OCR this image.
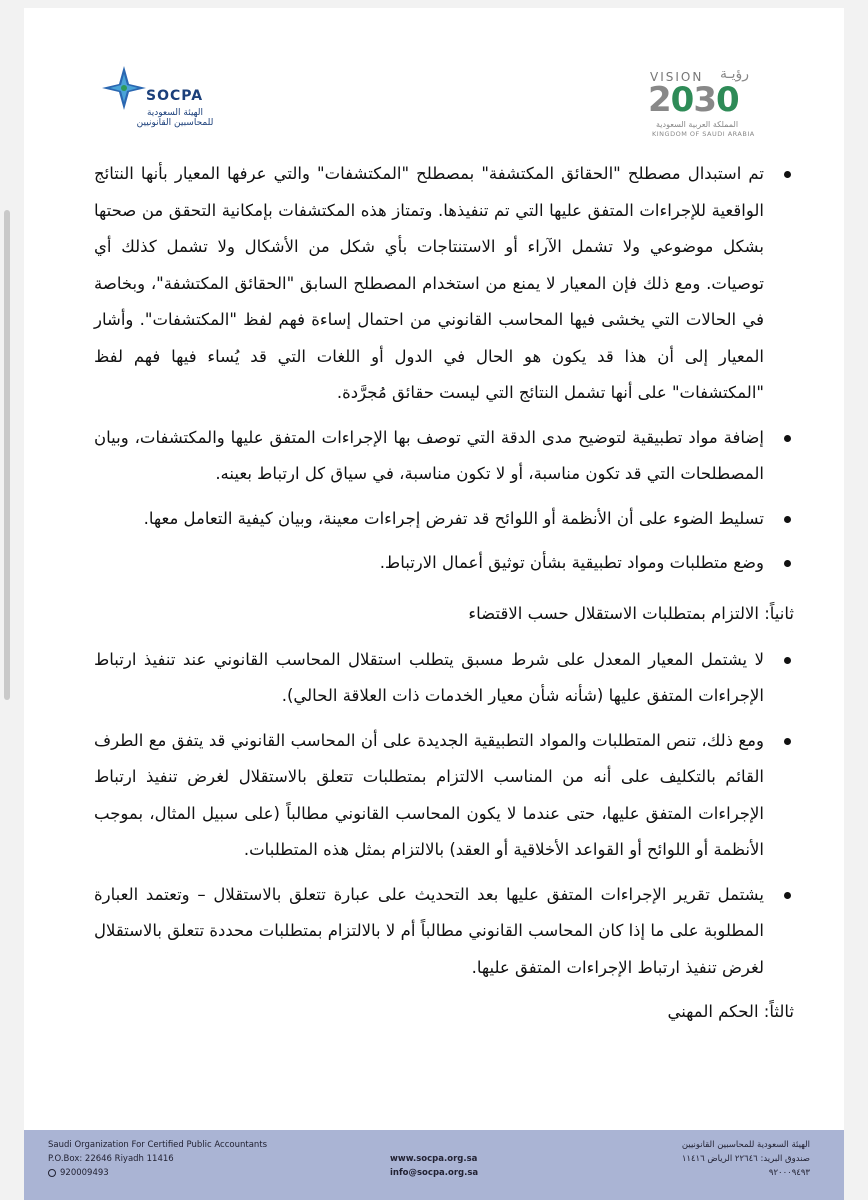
SOCPA
الهيئة السعودية
للمحاسبين القانونيين
VISION رؤيـة
2030
المملكة العربية السعودية
KINGDOM OF SAUDI ARABIA
تم استبدال مصطلح "الحقائق المكتشفة" بمصطلح "المكتشفات" والتي عرفها المعيار بأنها النتائج الواقعية للإجراءات المتفق عليها التي تم تنفيذها. وتمتاز هذه المكتشفات بإمكانية التحقق من صحتها بشكل موضوعي ولا تشمل الآراء أو الاستنتاجات بأي شكل من الأشكال ولا تشمل كذلك أي توصيات. ومع ذلك فإن المعيار لا يمنع من استخدام المصطلح السابق "الحقائق المكتشفة"، وبخاصة في الحالات التي يخشى فيها المحاسب القانوني من احتمال إساءة فهم لفظ "المكتشفات". وأشار المعيار إلى أن هذا قد يكون هو الحال في الدول أو اللغات التي قد يُساء فيها فهم لفظ "المكتشفات" على أنها تشمل النتائج التي ليست حقائق مُجرَّدة.
إضافة مواد تطبيقية لتوضيح مدى الدقة التي توصف بها الإجراءات المتفق عليها والمكتشفات، وبيان المصطلحات التي قد تكون مناسبة، أو لا تكون مناسبة، في سياق كل ارتباط بعينه.
تسليط الضوء على أن الأنظمة أو اللوائح قد تفرض إجراءات معينة، وبيان كيفية التعامل معها.
وضع متطلبات ومواد تطبيقية بشأن توثيق أعمال الارتباط.
ثانياً: الالتزام بمتطلبات الاستقلال حسب الاقتضاء
لا يشتمل المعيار المعدل على شرط مسبق يتطلب استقلال المحاسب القانوني عند تنفيذ ارتباط الإجراءات المتفق عليها (شأنه شأن معيار الخدمات ذات العلاقة الحالي).
ومع ذلك، تنص المتطلبات والمواد التطبيقية الجديدة على أن المحاسب القانوني قد يتفق مع الطرف القائم بالتكليف على أنه من المناسب الالتزام بمتطلبات تتعلق بالاستقلال لغرض تنفيذ ارتباط الإجراءات المتفق عليها، حتى عندما لا يكون المحاسب القانوني مطالباً (على سبيل المثال، بموجب الأنظمة أو اللوائح أو القواعد الأخلاقية أو العقد) بالالتزام بمثل هذه المتطلبات.
يشتمل تقرير الإجراءات المتفق عليها بعد التحديث على عبارة تتعلق بالاستقلال – وتعتمد العبارة المطلوبة على ما إذا كان المحاسب القانوني مطالباً أم لا بالالتزام بمتطلبات محددة تتعلق بالاستقلال لغرض تنفيذ ارتباط الإجراءات المتفق عليها.
ثالثاً: الحكم المهني
Saudi Organization For Certified Public Accountants
P.O.Box: 22646 Riyadh 11416
920009493
www.socpa.org.sa
info@socpa.org.sa
الهيئة السعودية للمحاسبين القانونيين
صندوق البريد: ٢٢٦٤٦ الرياض ١١٤١٦
٩٢٠٠٠٩٤٩٣
